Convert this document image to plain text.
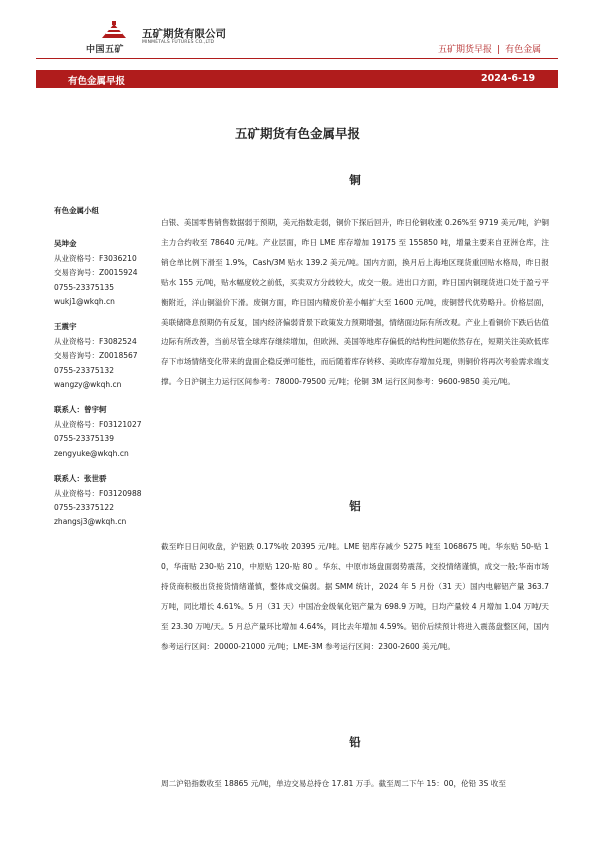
中国五矿
五矿期货有限公司
MINMETALS FUTURES CO.,LTD
五矿期货早报 | 有色金属
有色金属早报	2024-6-19
五矿期货有色金属早报
有色金属小组
吴坤金
从业资格号：F3036210
交易咨询号：Z0015924
0755-23375135
wukj1@wkqh.cn
王震宇
从业资格号：F3082524
交易咨询号：Z0018567
0755-23375132
wangzy@wkqh.cn
联系人：曾宇轲
从业资格号：F03121027
0755-23375139
zengyuke@wkqh.cn
联系人：张世骄
从业资格号：F03120988
0755-23375122
zhangsj3@wkqh.cn
铜
白银、美国零售销售数据弱于预期，美元指数走弱，铜价下探后回升，昨日伦铜收涨 0.26%至 9719 美元/吨，沪铜主力合约收至 78640 元/吨。产业层面，昨日 LME 库存增加 19175 至 155850 吨，增量主要来自亚洲仓库，注销仓单比例下滑至 1.9%，Cash/3M 贴水 139.2 美元/吨。国内方面，换月后上海地区现货重回贴水格局，昨日报贴水 155 元/吨，贴水幅度较之前低，买卖双方分歧较大，成交一般。进出口方面，昨日国内铜现货进口处于盈亏平衡附近，洋山铜溢价下滑。废铜方面，昨日国内精废价差小幅扩大至 1600 元/吨，废铜替代优势略升。价格层面，美联储降息预期仍有反复，国内经济偏弱背景下政策发力预期增强，情绪面边际有所改观。产业上看铜价下跌后估值边际有所改善，当前尽管全球库存继续增加，但欧洲、美国等地库存偏低的结构性问题依然存在，短期关注美欧低库存下市场情绪变化带来的盘面企稳反弹可能性，而后随着库存转移、美欧库存增加兑现，则铜价将再次考验需求端支撑。今日沪铜主力运行区间参考：78000-79500 元/吨；伦铜 3M 运行区间参考：9600-9850 美元/吨。
铝
截至昨日日间收盘，沪铝跌 0.17%收 20395 元/吨。LME 铝库存减少 5275 吨至 1068675 吨。华东贴 50-贴 10，华南贴 230-贴 210，中原贴 120-贴 80 。华东、中原市场盘面弱势震荡，交投情绪谨慎，成交一般;华南市场持货商积极出货接货情绪谨慎，整体成交偏弱。据 SMM 统计，2024 年 5 月份（31 天）国内电解铝产量 363.7 万吨，同比增长 4.61%。5 月（31 天）中国冶金级氧化铝产量为 698.9 万吨，日均产量较 4 月增加 1.04 万吨/天至 23.30 万吨/天。5 月总产量环比增加 4.64%，同比去年增加 4.59%。铝价后续预计将进入震荡盘整区间，国内参考运行区间：20000-21000 元/吨；LME-3M 参考运行区间：2300-2600 美元/吨。
铅
周二沪铅指数收至 18865 元/吨，单边交易总持仓 17.81 万手。截至周二下午 15：00，伦铅 3S 收至
